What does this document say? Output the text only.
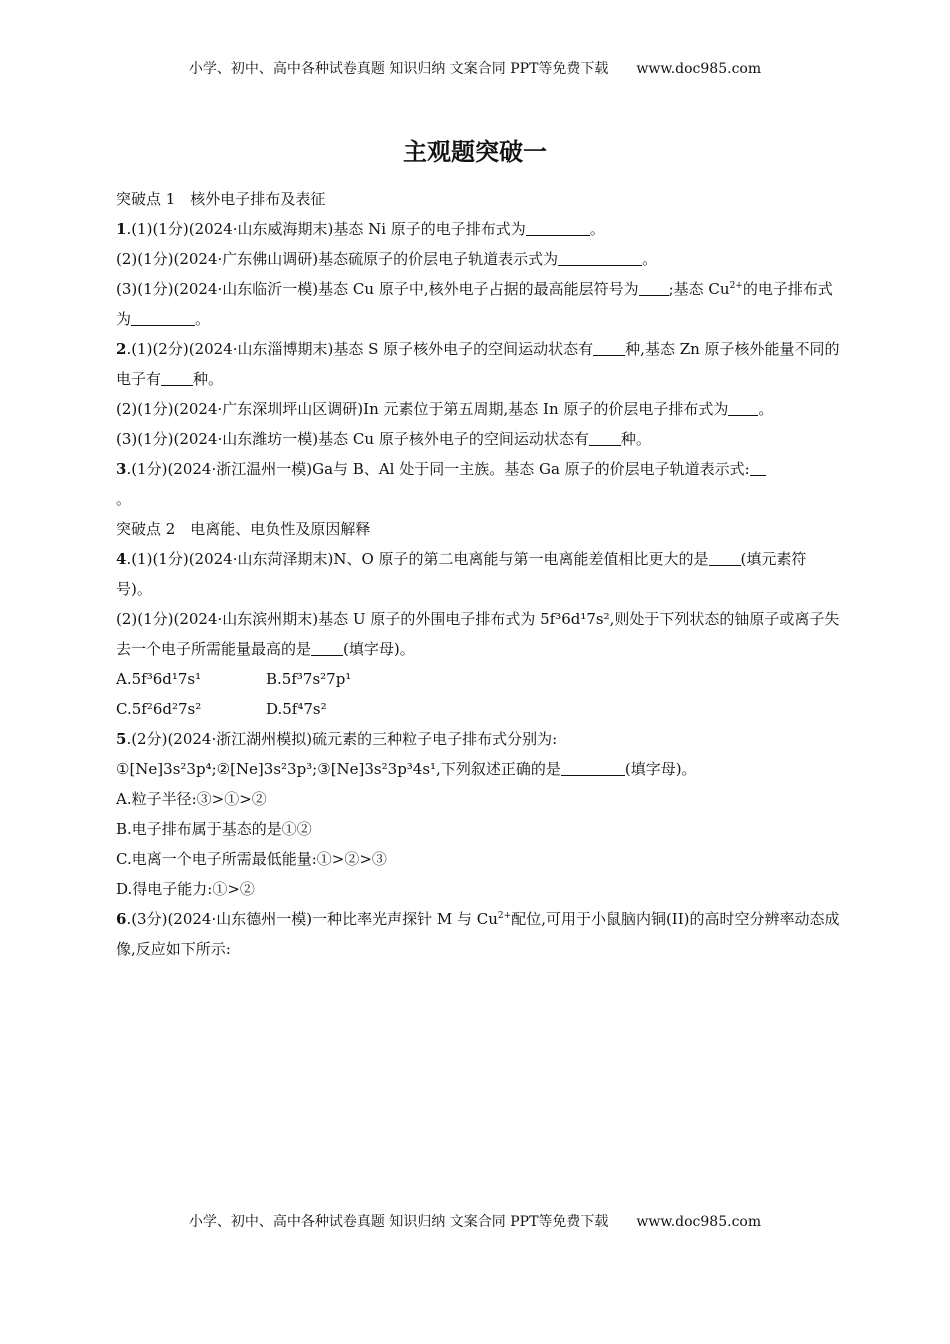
小学、初中、高中各种试卷真题 知识归纳 文案合同 PPT等免费下载 www.doc985.com
主观题突破一

突破点 1　核外电子排布及表征

1.(1)(1分)(2024·山东威海期末)基态 Ni 原子的电子排布式为	。

(2)(1分)(2024·广东佛山调研)基态硫原子的价层电子轨道表示式为	。

(3)(1分)(2024·山东临沂一模)基态 Cu 原子中,核外电子占据的最高能层符号为 ;基态 $Cu^{2+}$的电子排布式为	。

2.(1)(2分)(2024·山东淄博期末)基态 S 原子核外电子的空间运动状态有 种,基态 Zn 原子核外能量不同的电子有 种。

(2)(1分)(2024·广东深圳坪山区调研)In 元素位于第五周期,基态 In 原子的价层电子排布式为 。

(3)(1分)(2024·山东潍坊一模)基态 Cu 原子核外电子的空间运动状态有 种。

3.(1分)(2024·浙江温州一模)Ga与 B、Al 处于同一主族。基态 Ga 原子的价层电子轨道表示式:
。

突破点 2　电离能、电负性及原因解释

4.(1)(1分)(2024·山东菏泽期末)N、O 原子的第二电离能与第一电离能差值相比更大的是 (填元素符号)。

(2)(1分)(2024·山东滨州期末)基态 U 原子的外围电子排布式为 5f³6d¹7s²,则处于下列状态的铀原子或离子失去一个电子所需能量最高的是 (填字母)。

A.5f³6d¹7s¹	B.5f³7s²7p¹
C.5f²6d²7s²	D.5f⁴7s²

5.(2分)(2024·浙江湖州模拟)硫元素的三种粒子电子排布式分别为:

①[Ne]3s²3p⁴;②[Ne]3s²3p³;③[Ne]3s²3p³4s¹,下列叙述正确的是	(填字母)。

A.粒子半径:③>①>②

B.电子排布属于基态的是①②

C.电离一个电子所需最低能量:①>②>③

D.得电子能力:①>②

6.(3分)(2024·山东德州一模)一种比率光声探针 M 与 $Cu^{2+}$配位,可用于小鼠脑内铜(II)的高时空分辨率动态成像,反应如下所示:

小学、初中、高中各种试卷真题 知识归纳 文案合同 PPT等免费下载 www.doc985.com
